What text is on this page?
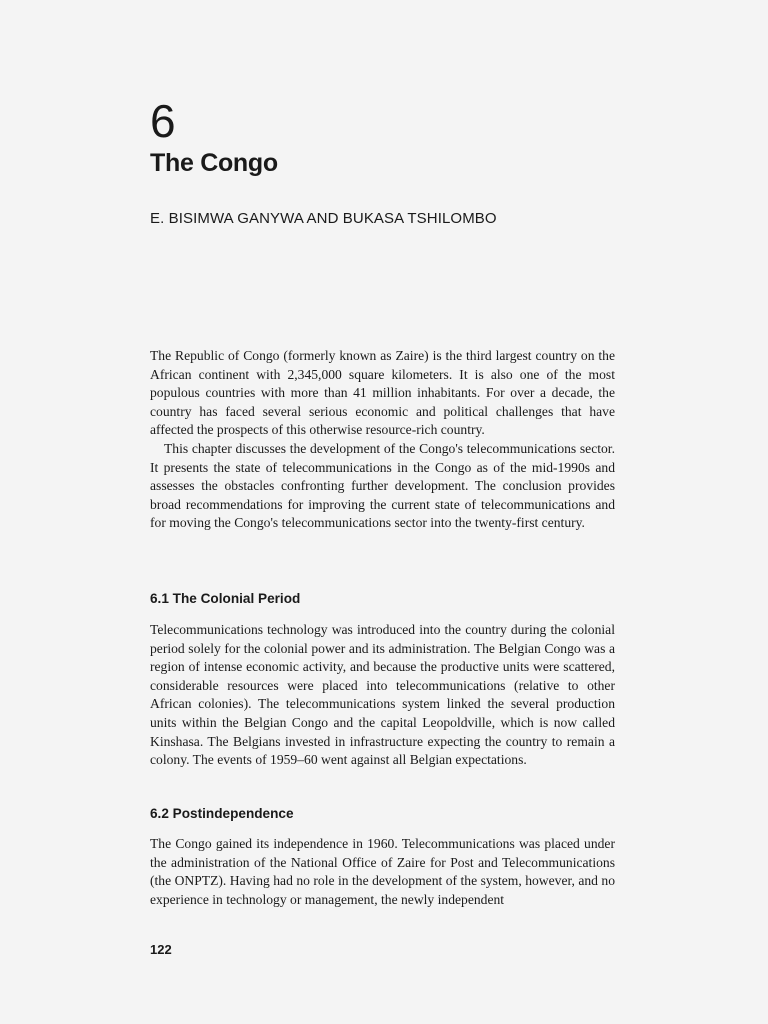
6
The Congo
E. BISIMWA GANYWA AND BUKASA TSHILOMBO

The Republic of Congo (formerly known as Zaire) is the third largest country on the African continent with 2,345,000 square kilometers. It is also one of the most populous countries with more than 41 million inhabitants. For over a decade, the country has faced several serious economic and political challenges that have affected the prospects of this otherwise resource-rich country.

This chapter discusses the development of the Congo's telecommunications sector. It presents the state of telecommunications in the Congo as of the mid-1990s and assesses the obstacles confronting further development. The conclusion provides broad recommendations for improving the current state of telecommunications and for moving the Congo's telecommunications sector into the twenty-first century.

6.1 The Colonial Period

Telecommunications technology was introduced into the country during the colonial period solely for the colonial power and its administration. The Belgian Congo was a region of intense economic activity, and because the productive units were scattered, considerable resources were placed into telecommunications (relative to other African colonies). The telecommunications system linked the several production units within the Belgian Congo and the capital Leopoldville, which is now called Kinshasa. The Belgians invested in infrastructure expecting the country to remain a colony. The events of 1959–60 went against all Belgian expectations.

6.2 Postindependence

The Congo gained its independence in 1960. Telecommunications was placed under the administration of the National Office of Zaire for Post and Telecommunications (the ONPTZ). Having had no role in the development of the system, however, and no experience in technology or management, the newly independent

122
